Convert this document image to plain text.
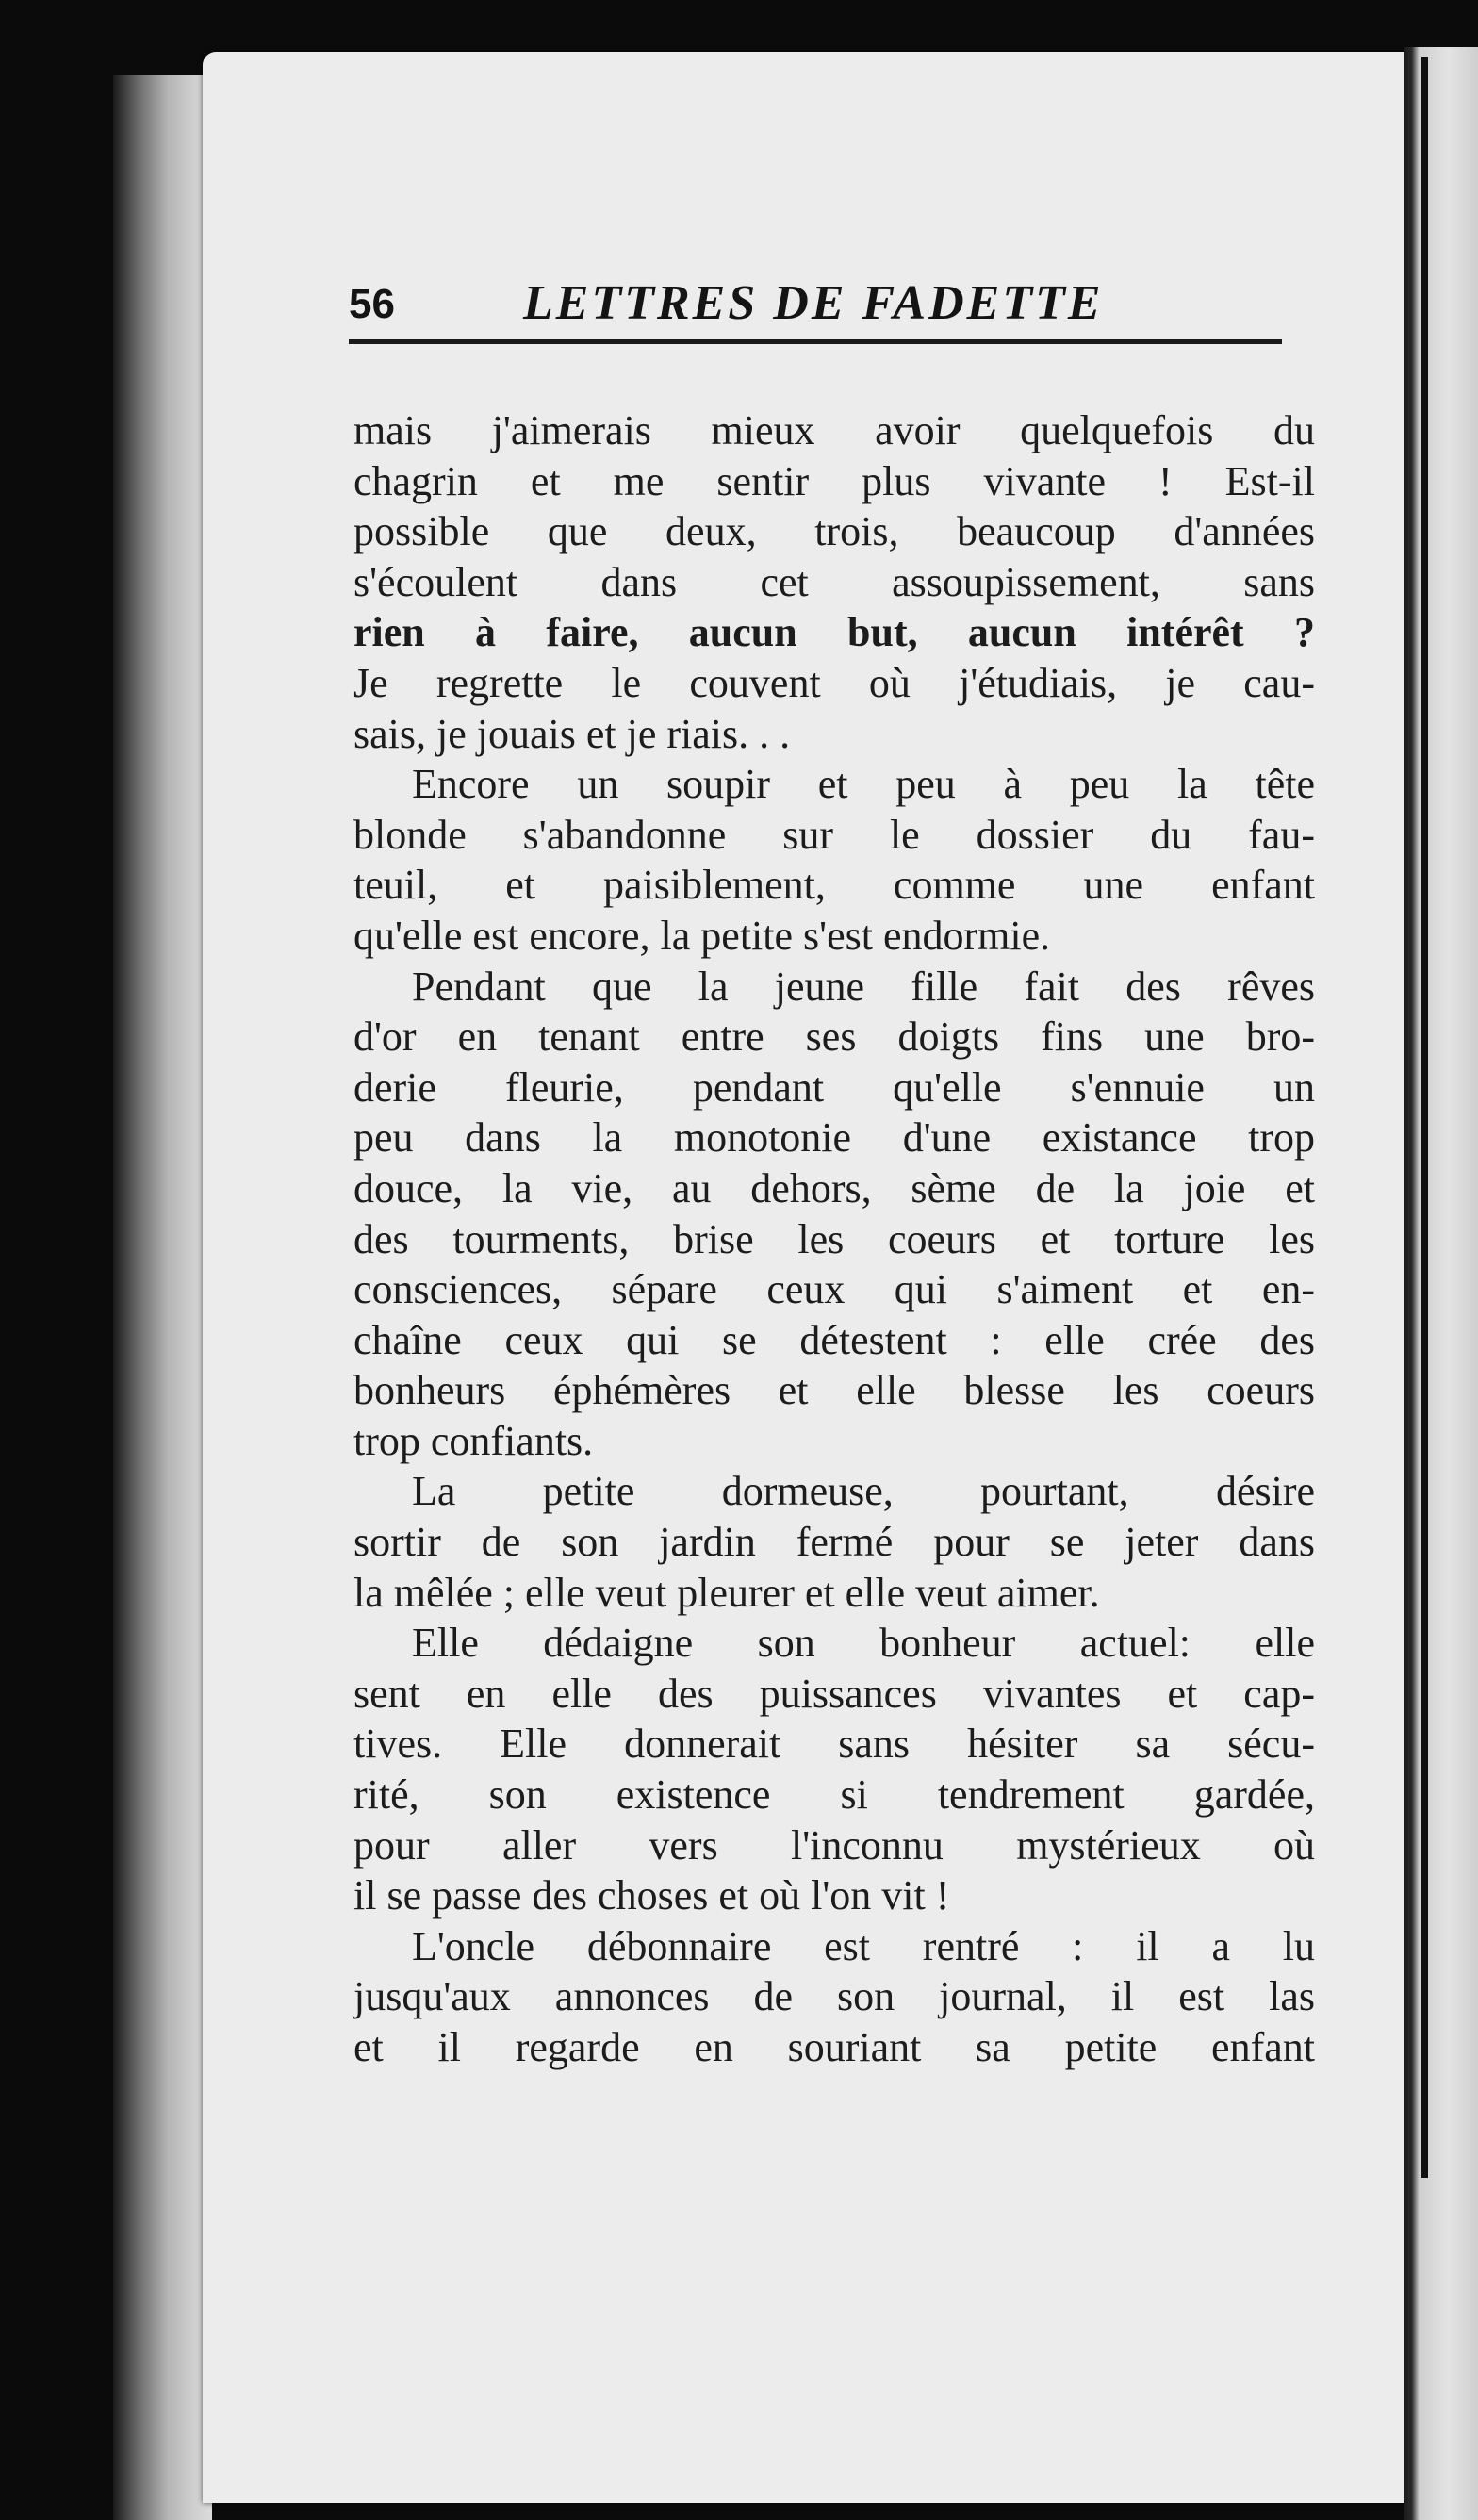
56	LETTRES DE FADETTE
mais j'aimerais mieux avoir quelquefois du
chagrin et me sentir plus vivante ! Est-il
possible que deux, trois, beaucoup d'années
s'écoulent dans cet assoupissement, sans
rien à faire, aucun but, aucun intérêt ?
Je regrette le couvent où j'étudiais, je cau-
sais, je jouais et je riais. . .
Encore un soupir et peu à peu la tête
blonde s'abandonne sur le dossier du fau-
teuil, et paisiblement, comme une enfant
qu'elle est encore, la petite s'est endormie.
Pendant que la jeune fille fait des rêves
d'or en tenant entre ses doigts fins une bro-
derie fleurie, pendant qu'elle s'ennuie un
peu dans la monotonie d'une existance trop
douce, la vie, au dehors, sème de la joie et
des tourments, brise les coeurs et torture les
consciences, sépare ceux qui s'aiment et en-
chaîne ceux qui se détestent : elle crée des
bonheurs éphémères et elle blesse les coeurs
trop confiants.
La petite dormeuse, pourtant, désire
sortir de son jardin fermé pour se jeter dans
la mêlée ; elle veut pleurer et elle veut aimer.
Elle dédaigne son bonheur actuel: elle
sent en elle des puissances vivantes et cap-
tives. Elle donnerait sans hésiter sa sécu-
rité, son existence si tendrement gardée,
pour aller vers l'inconnu mystérieux où
il se passe des choses et où l'on vit !
L'oncle débonnaire est rentré : il a lu
jusqu'aux annonces de son journal, il est las
et il regarde en souriant sa petite enfant
